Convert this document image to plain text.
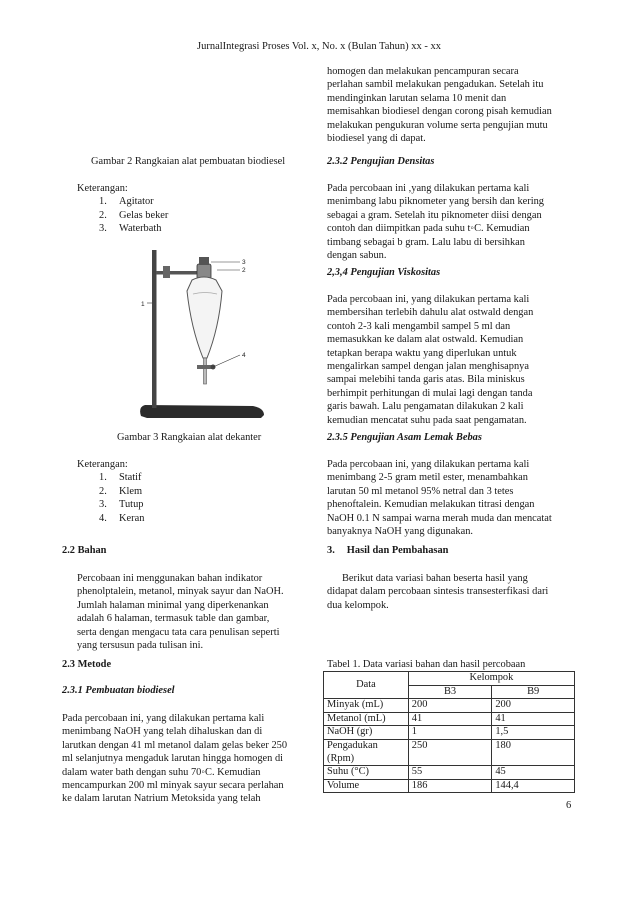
JurnalIntegrasi Proses Vol. x, No. x (Bulan Tahun) xx - xx
Gambar 2 Rangkaian alat pembuatan biodiesel
Keterangan:
1.	Agitator
2.	Gelas beker
3.	Waterbath
1
2
3
4
Gambar 3 Rangkaian alat dekanter
Keterangan:
1.	Statif
2.	Klem
3.	Tutup
4.	Keran
2.2 Bahan
Percobaan ini menggunakan bahan indikator
phenolptalein, metanol, minyak sayur dan NaOH.
Jumlah halaman minimal yang diperkenankan
adalah 6 halaman, termasuk table dan gambar,
serta dengan mengacu tata cara penulisan seperti
yang tersusun pada tulisan ini.
2.3 Metode
2.3.1 Pembuatan biodiesel
Pada percobaan ini, yang dilakukan pertama kali
menimbang NaOH yang telah dihaluskan dan di
larutkan dengan 41 ml metanol dalam gelas beker 250
ml selanjutnya mengaduk larutan hingga homogen di
dalam water bath dengan suhu 70◦C. Kemudian
mencampurkan 200 ml minyak sayur secara perlahan
ke dalam larutan Natrium Metoksida yang telah
homogen dan melakukan pencampuran secara
perlahan sambil melakukan pengadukan. Setelah itu
mendinginkan larutan selama 10 menit dan
memisahkan biodiesel dengan corong pisah kemudian
melakukan pengukuran volume serta pengujian mutu
biodiesel yang di dapat.
2.3.2 Pengujian Densitas
Pada percobaan ini ,yang dilakukan pertama kali
menimbang labu piknometer yang bersih dan kering
sebagai a gram. Setelah itu piknometer diisi dengan
contoh dan diimpitkan pada suhu t◦C. Kemudian
timbang sebagai b gram. Lalu labu di bersihkan
dengan sabun.
2,3,4 Pengujian Viskositas
Pada percobaan ini, yang dilakukan pertama kali
membersihan terlebih dahulu alat ostwald dengan
contoh 2-3 kali mengambil sampel 5 ml dan
memasukkan ke dalam alat ostwald. Kemudian
tetapkan berapa waktu yang diperlukan untuk
mengalirkan sampel dengan jalan menghisapnya
sampai melebihi tanda garis atas. Bila miniskus
berhimpit perhitungan di mulai lagi dengan tanda
garis bawah. Lalu pengamatan dilakukan 2 kali
kemudian mencatat suhu pada saat pengamatan.
2.3.5 Pengujian Asam Lemak Bebas
Pada percobaan ini, yang dilakukan pertama kali
menimbang 2-5 gram metil ester, menambahkan
larutan 50 ml metanol 95% netral dan 3 tetes
phenoftalein. Kemudian melakukan titrasi dengan
NaOH 0.1 N sampai warna merah muda dan mencatat
banyaknya NaOH yang digunakan.
3. Hasil dan Pembahasan
Berikut data variasi bahan beserta hasil yang
didapat dalam percobaan sintesis transesterfikasi dari
dua kelompok.
Tabel 1. Data variasi bahan dan hasil percobaan
Data	Kelompok	
	B3	B9
Minyak (mL)	200	200
Metanol (mL)	41	41
NaOH (gr)	1	1,5
Pengadukan (Rpm)	250	180
Suhu (°C)	55	45
Volume	186	144,4
6
